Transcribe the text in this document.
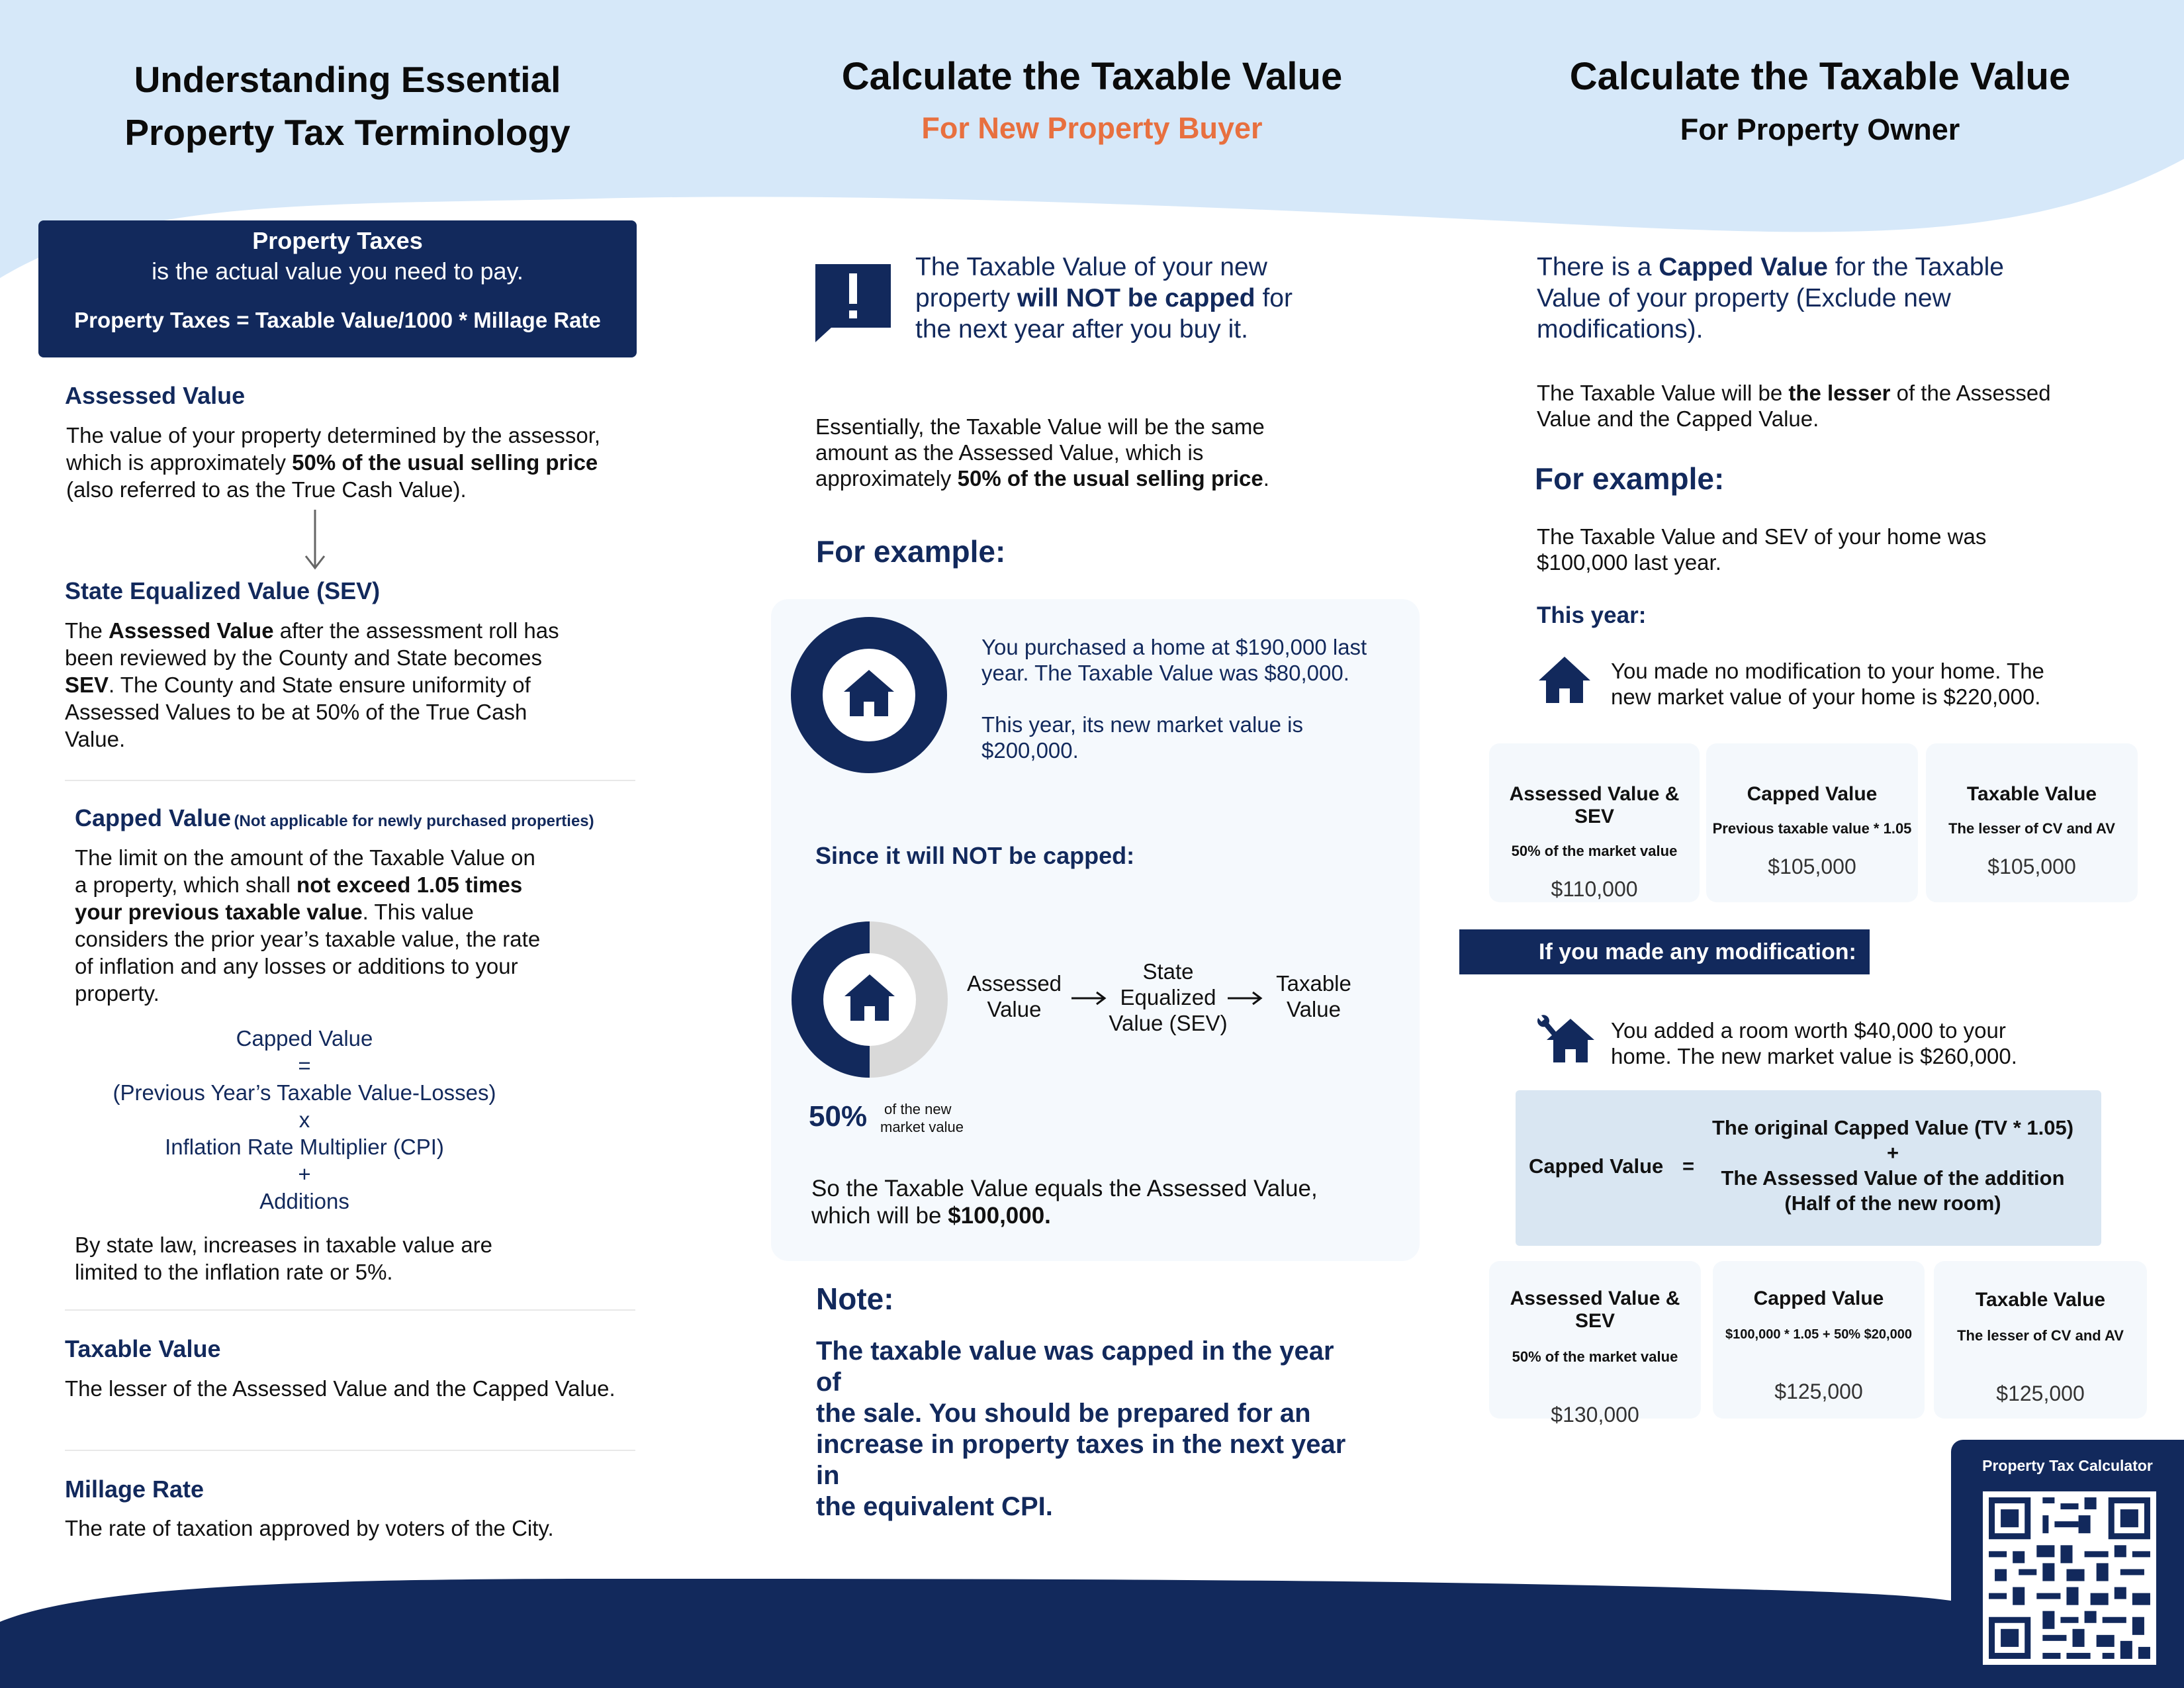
Understanding Essential
Property Tax Terminology
Property Taxes
is the actual value you need to pay.
Property Taxes = Taxable Value/1000 * Millage Rate
Assessed Value
The value of your property determined by the assessor,
which is approximately 50% of the usual selling price
(also referred to as the True Cash Value).
State Equalized Value (SEV)
The Assessed Value after the assessment roll has
been reviewed by the County and State becomes
SEV. The County and State ensure uniformity of
Assessed Values to be at 50% of the True Cash
Value.
Capped Value (Not applicable for newly purchased properties)
The limit on the amount of the Taxable Value on
a property, which shall not exceed 1.05 times
your previous taxable value. This value
considers the prior year’s taxable value, the rate
of inflation and any losses or additions to your
property.
Capped Value
=
(Previous Year’s Taxable Value-Losses)
x
Inflation Rate Multiplier (CPI)
+
Additions
By state law, increases in taxable value are
limited to the inflation rate or 5%.
Taxable Value
The lesser of the Assessed Value and the Capped Value.
Millage Rate
The rate of taxation approved by voters of the City.
Calculate the Taxable Value
For New Property Buyer
The Taxable Value of your new
property will NOT be capped for
the next year after you buy it.
Essentially, the Taxable Value will be the same
amount as the Assessed Value, which is
approximately 50% of the usual selling price.
For example:
You purchased a home at $190,000 last
year. The Taxable Value was $80,000.
This year, its new market value is
$200,000.
Since it will NOT be capped:
Assessed
Value
State
Equalized
Value (SEV)
Taxable
Value
50% of the new
market value
So the Taxable Value equals the Assessed Value,
which will be $100,000.
Note:
The taxable value was capped in the year of
the sale. You should be prepared for an
increase in property taxes in the next year in
the equivalent CPI.
Calculate the Taxable Value
For Property Owner
There is a Capped Value for the Taxable
Value of your property (Exclude new
modifications).
The Taxable Value will be the lesser of the Assessed
Value and the Capped Value.
For example:
The Taxable Value and SEV of your home was
$100,000 last year.
This year:
You made no modification to your home. The
new market value of your home is $220,000.
Assessed Value & SEV
50% of the market value
$110,000
Capped Value
Previous taxable value * 1.05
$105,000
Taxable Value
The lesser of CV and AV
$105,000
If you made any modification:
You added a room worth $40,000 to your
home. The new market value is $260,000.
Capped Value =
The original Capped Value (TV * 1.05)
+
The Assessed Value of the addition
(Half of the new room)
Assessed Value & SEV
50% of the market value
$130,000
Capped Value
$100,000 * 1.05 + 50% $20,000
$125,000
Taxable Value
The lesser of CV and AV
$125,000
Property Tax Calculator
